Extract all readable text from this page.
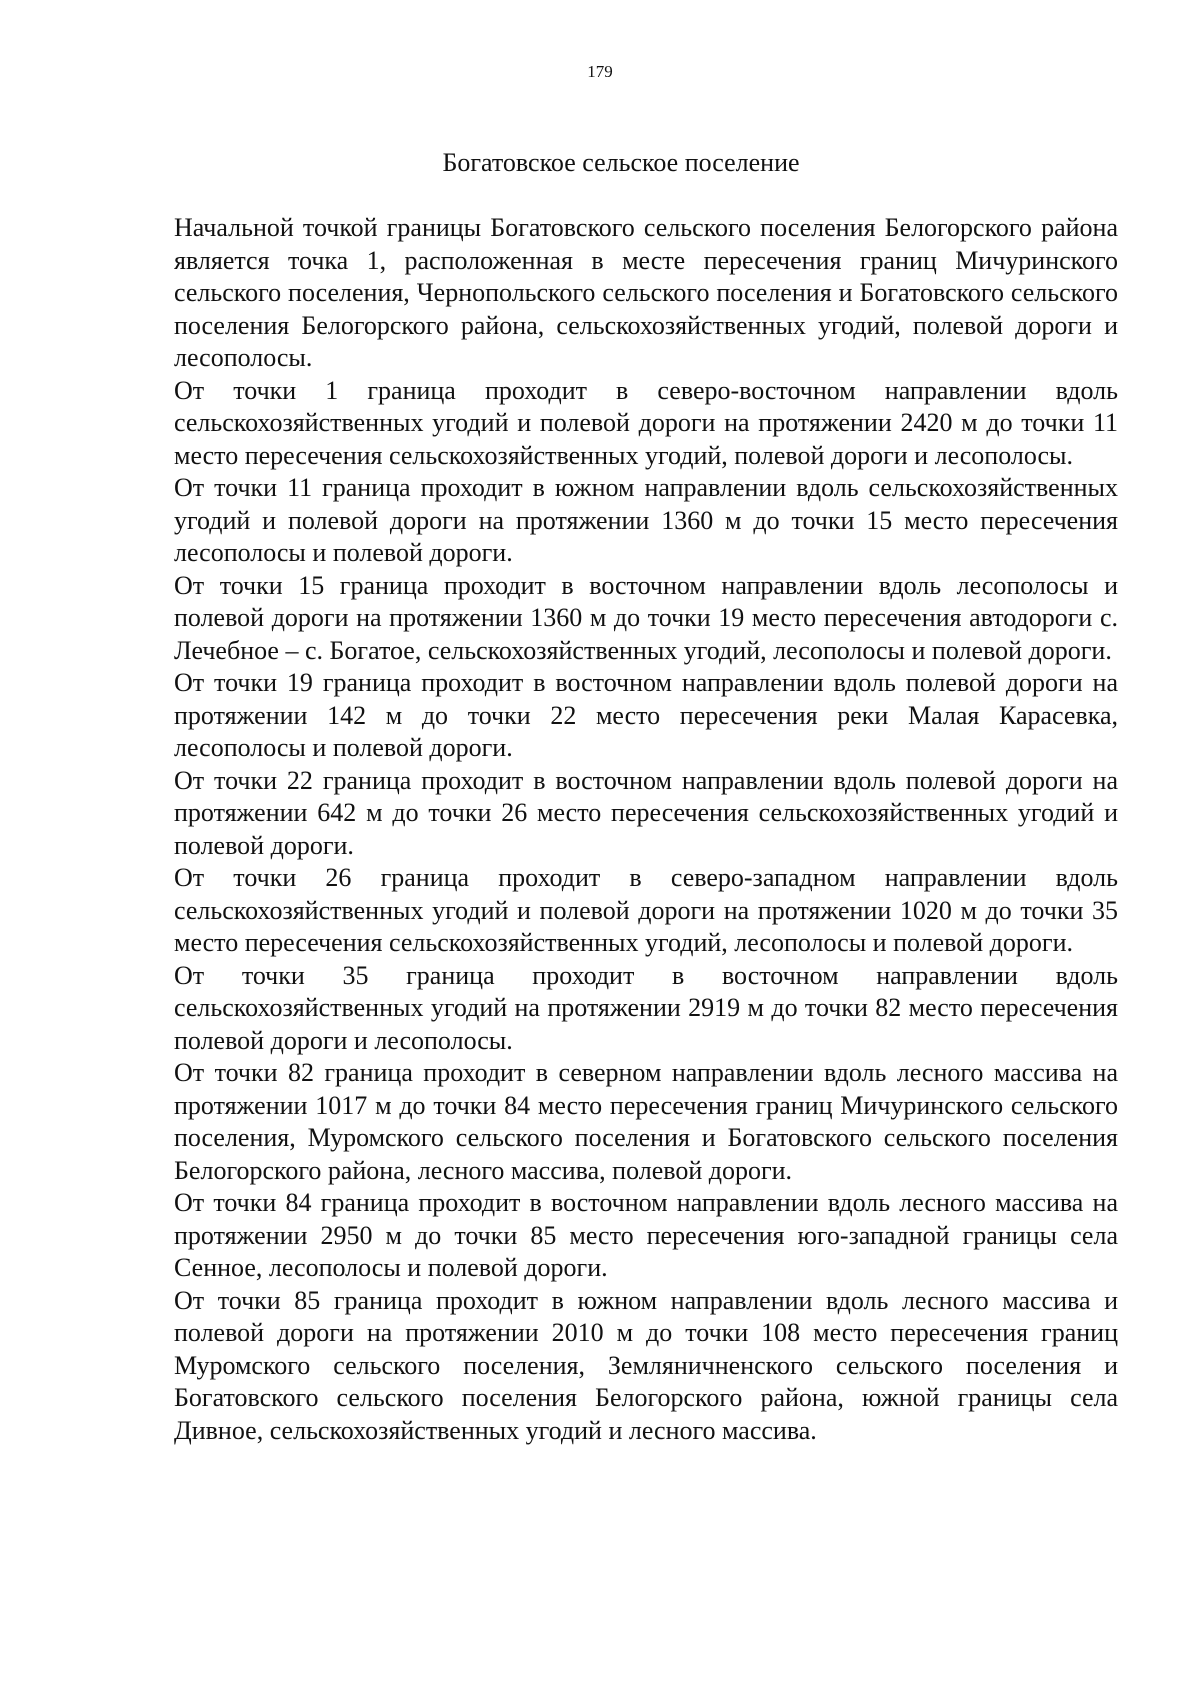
179

Богатовское сельское поселение

Начальной точкой границы Богатовского сельского поселения Белогорского района является точка 1, расположенная в месте пересечения границ Мичуринского сельского поселения, Чернопольского сельского поселения и Богатовского сельского поселения Белогорского района, сельскохозяйственных угодий, полевой дороги и лесополосы.

От точки 1 граница проходит в северо-восточном направлении вдоль сельскохозяйственных угодий и полевой дороги на протяжении 2420 м до точки 11 место пересечения сельскохозяйственных угодий, полевой дороги и лесополосы.

От точки 11 граница проходит в южном направлении вдоль сельскохозяйственных угодий и полевой дороги на протяжении 1360 м до точки 15 место пересечения лесополосы и полевой дороги.

От точки 15 граница проходит в восточном направлении вдоль лесополосы и полевой дороги на протяжении 1360 м до точки 19 место пересечения автодороги с. Лечебное – с. Богатое, сельскохозяйственных угодий, лесополосы и полевой дороги.

От точки 19 граница проходит в восточном направлении вдоль полевой дороги на протяжении 142 м до точки 22 место пересечения реки Малая Карасевка, лесополосы и полевой дороги.

От точки 22 граница проходит в восточном направлении вдоль полевой дороги на протяжении 642 м до точки 26 место пересечения сельскохозяйственных угодий и полевой дороги.

От точки 26 граница проходит в северо-западном направлении вдоль сельскохозяйственных угодий и полевой дороги на протяжении 1020 м до точки 35 место пересечения сельскохозяйственных угодий, лесополосы и полевой дороги.

От точки 35 граница проходит в восточном направлении вдоль сельскохозяйственных угодий на протяжении 2919 м до точки 82 место пересечения полевой дороги и лесополосы.

От точки 82 граница проходит в северном направлении вдоль лесного массива на протяжении 1017 м до точки 84 место пересечения границ Мичуринского сельского поселения, Муромского сельского поселения и Богатовского сельского поселения Белогорского района, лесного массива, полевой дороги.

От точки 84 граница проходит в восточном направлении вдоль лесного массива на протяжении 2950 м до точки 85 место пересечения юго-западной границы села Сенное, лесополосы и полевой дороги.

От точки 85 граница проходит в южном направлении вдоль лесного массива и полевой дороги на протяжении 2010 м до точки 108 место пересечения границ Муромского сельского поселения, Земляничненского сельского поселения и Богатовского сельского поселения Белогорского района, южной границы села Дивное, сельскохозяйственных угодий и лесного массива.
